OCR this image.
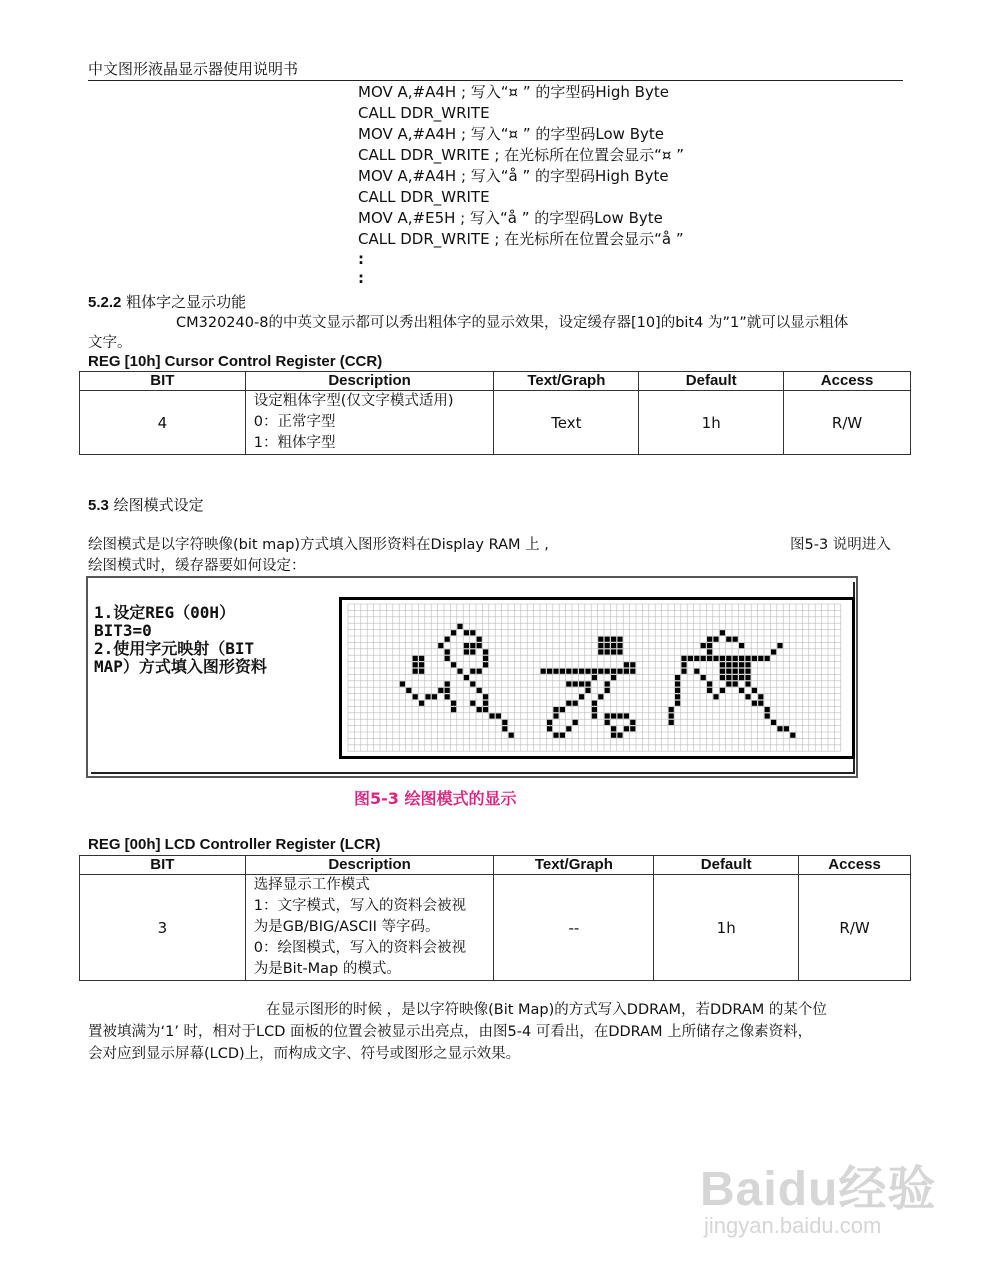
中文图形液晶显示器使用说明书
MOV A,#A4H ; 写入“¤ ” 的字型码High Byte
CALL DDR_WRITE
MOV A,#A4H ; 写入“¤ ” 的字型码Low Byte
CALL DDR_WRITE ; 在光标所在位置会显示“¤ ”
MOV A,#A4H ; 写入“å ” 的字型码High Byte
CALL DDR_WRITE
MOV A,#E5H ; 写入“å ” 的字型码Low Byte
CALL DDR_WRITE ; 在光标所在位置会显示“å ”
:
:
5.2.2 粗体字之显示功能
CM320240-8的中英文显示都可以秀出粗体字的显示效果，设定缓存器[10]的bit4 为”1”就可以显示粗体
文字。
REG [10h] Cursor Control Register (CCR)
BIT	Description	Text/Graph	Default	Access
4	设定粗体字型(仅文字模式适用)
0：正常字型
1：粗体字型	Text	1h	R/W
5.3 绘图模式设定
绘图模式是以字符映像(bit map)方式填入图形资料在Display RAM 上 ,	图5-3 说明进入
绘图模式时，缓存器要如何设定：
1.设定REG（00H）
BIT3=0
2.使用字元映射（BIT
MAP）方式填入图形资料
图5-3 绘图模式的显示
REG [00h] LCD Controller Register (LCR)
BIT	Description	Text/Graph	Default	Access
3	选择显示工作模式
1：文字模式，写入的资料会被视
为是GB/BIG/ASCII 等字码。
0：绘图模式，写入的资料会被视
为是Bit-Map 的模式。	--	1h	R/W
在显示图形的时候 ，是以字符映像(Bit Map)的方式写入DDRAM，若DDRAM 的某个位
置被填满为‘1’ 时，相对于LCD 面板的位置会被显示出亮点，由图5-4 可看出，在DDRAM 上所储存之像素资料，
会对应到显示屏幕(LCD)上，而构成文字、符号或图形之显示效果。
Baidu经验
jingyan.baidu.com
